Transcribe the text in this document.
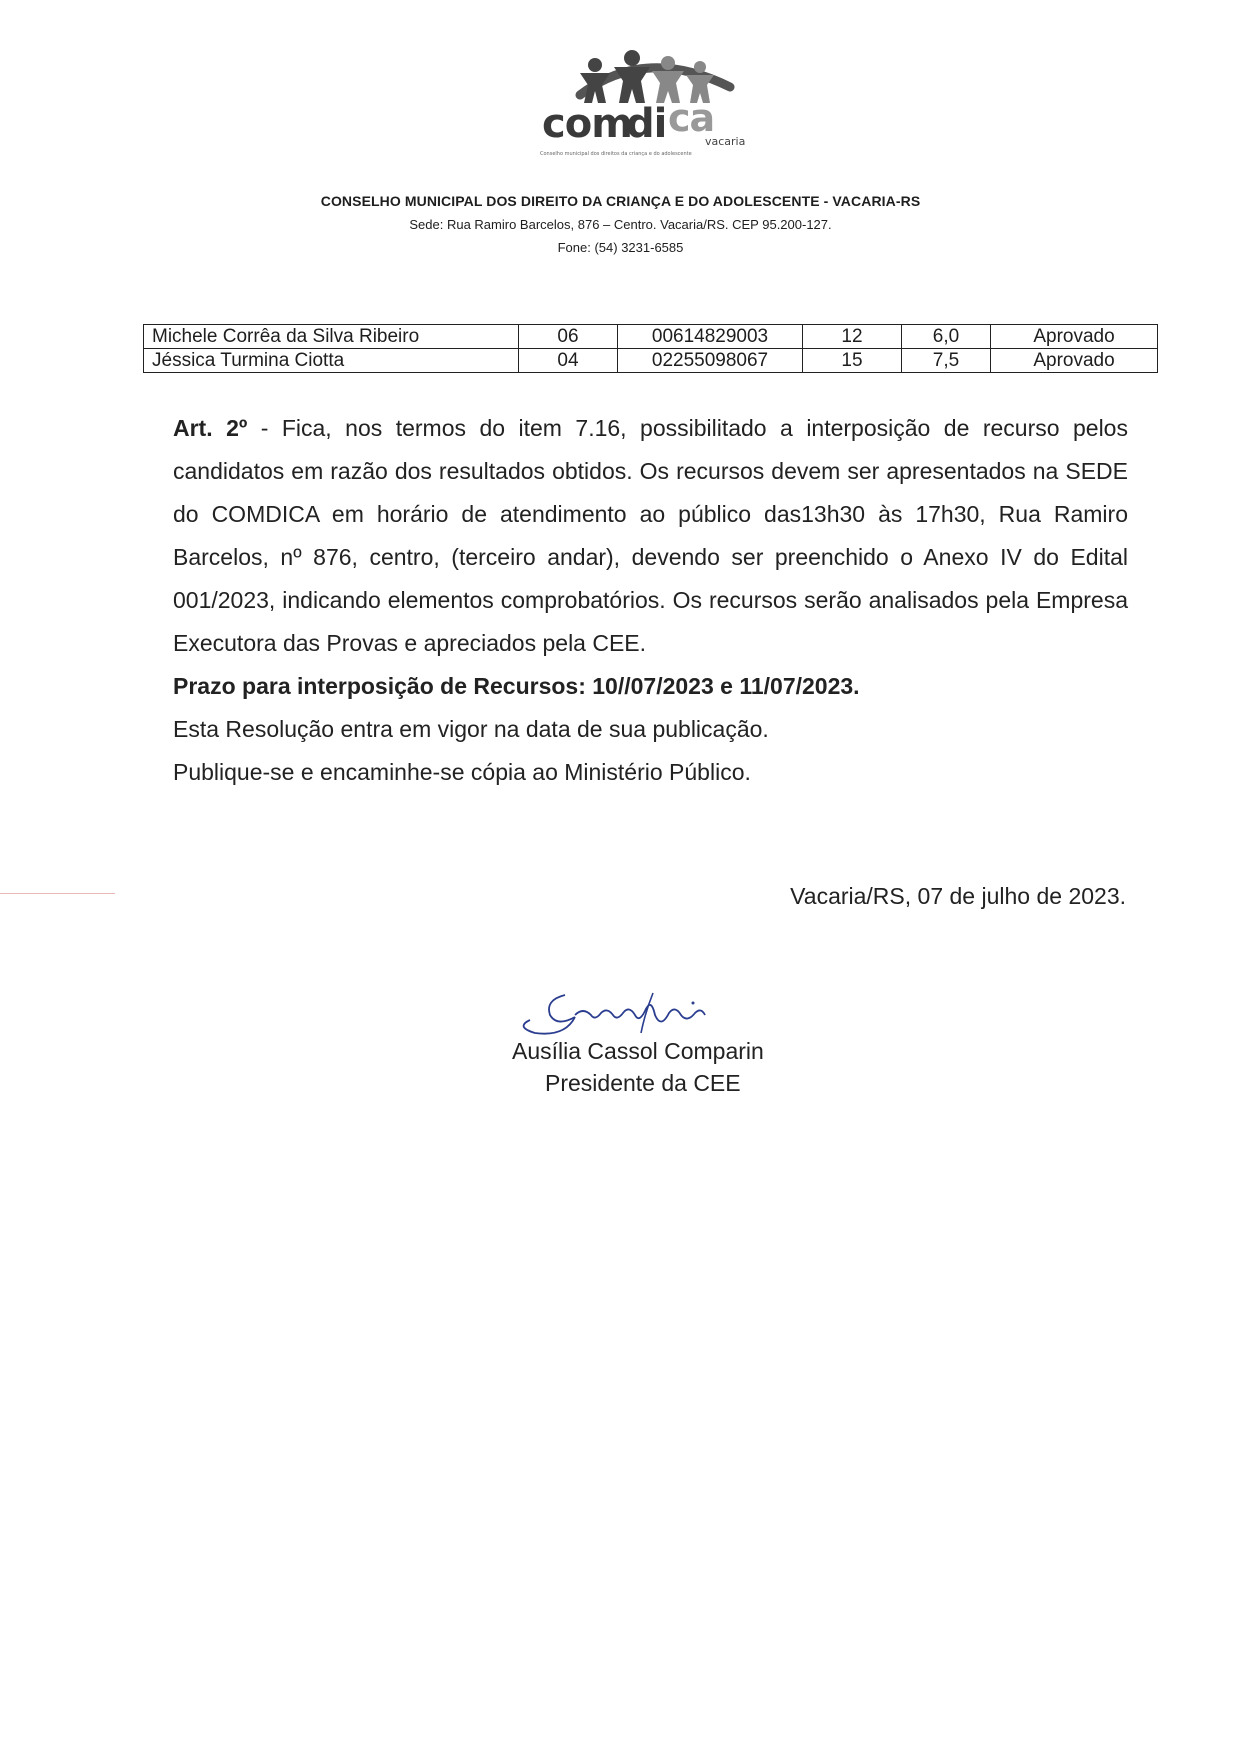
com
di ca
vacaria
Conselho municipal dos direitos da criança e do adolescente
CONSELHO MUNICIPAL DOS DIREITO DA CRIANÇA E DO ADOLESCENTE - VACARIA-RS
Sede: Rua Ramiro Barcelos, 876 – Centro. Vacaria/RS. CEP 95.200-127.
Fone: (54) 3231-6585
Michele Corrêa da Silva Ribeiro	06	00614829003	12	6,0	Aprovado
Jéssica Turmina Ciotta	04	02255098067	15	7,5	Aprovado
Art. 2º - Fica, nos termos do item 7.16, possibilitado a interposição de recurso pelos candidatos em razão dos resultados obtidos. Os recursos devem ser apresentados na SEDE do COMDICA em horário de atendimento ao público das13h30 às 17h30, Rua Ramiro Barcelos, nº 876, centro, (terceiro andar), devendo ser preenchido o Anexo IV do Edital 001/2023, indicando elementos comprobatórios. Os recursos serão analisados pela Empresa Executora das Provas e apreciados pela CEE.
Prazo para interposição de Recursos: 10//07/2023 e 11/07/2023.
Esta Resolução entra em vigor na data de sua publicação.
Publique-se e encaminhe-se cópia ao Ministério Público.
Vacaria/RS, 07 de julho de 2023.
Ausília Cassol Comparin
Presidente da CEE
